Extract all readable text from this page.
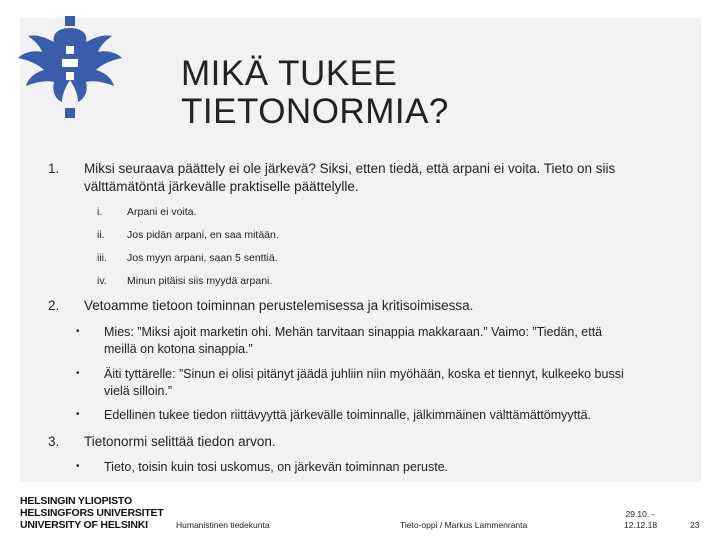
MIKÄ TUKEE
TIETONORMIA?
1. Miksi seuraava päättely ei ole järkevä? Siksi, etten tiedä, että arpani ei voita. Tieto on siis
välttämätöntä järkevälle praktiselle päättelylle.
i. Arpani ei voita.
ii. Jos pidän arpani, en saa mitään.
iii. Jos myyn arpani, saan 5 senttiä.
iv. Minun pitäisi siis myydä arpani.
2. Vetoamme tietoon toiminnan perustelemisessa ja kritisoimisessa.
• Mies: ”Miksi ajoit marketin ohi. Mehän tarvitaan sinappia makkaraan.” Vaimo: ”Tiedän, että
meillä on kotona sinappia.”
• Äiti tyttärelle: ”Sinun ei olisi pitänyt jäädä juhliin niin myöhään, koska et tiennyt, kulkeeko bussi
vielä silloin.”
• Edellinen tukee tiedon riittävyyttä järkevälle toiminnalle, jälkimmäinen välttämättömyyttä.
3. Tietonormi selittää tiedon arvon.
• Tieto, toisin kuin tosi uskomus, on järkevän toiminnan peruste.
HELSINGIN YLIOPISTO
HELSINGFORS UNIVERSITET
UNIVERSITY OF HELSINKI	Humanistinen tiedekunta	Tieto-oppi / Markus Lammenranta
29.10. -
12.12.18	23
